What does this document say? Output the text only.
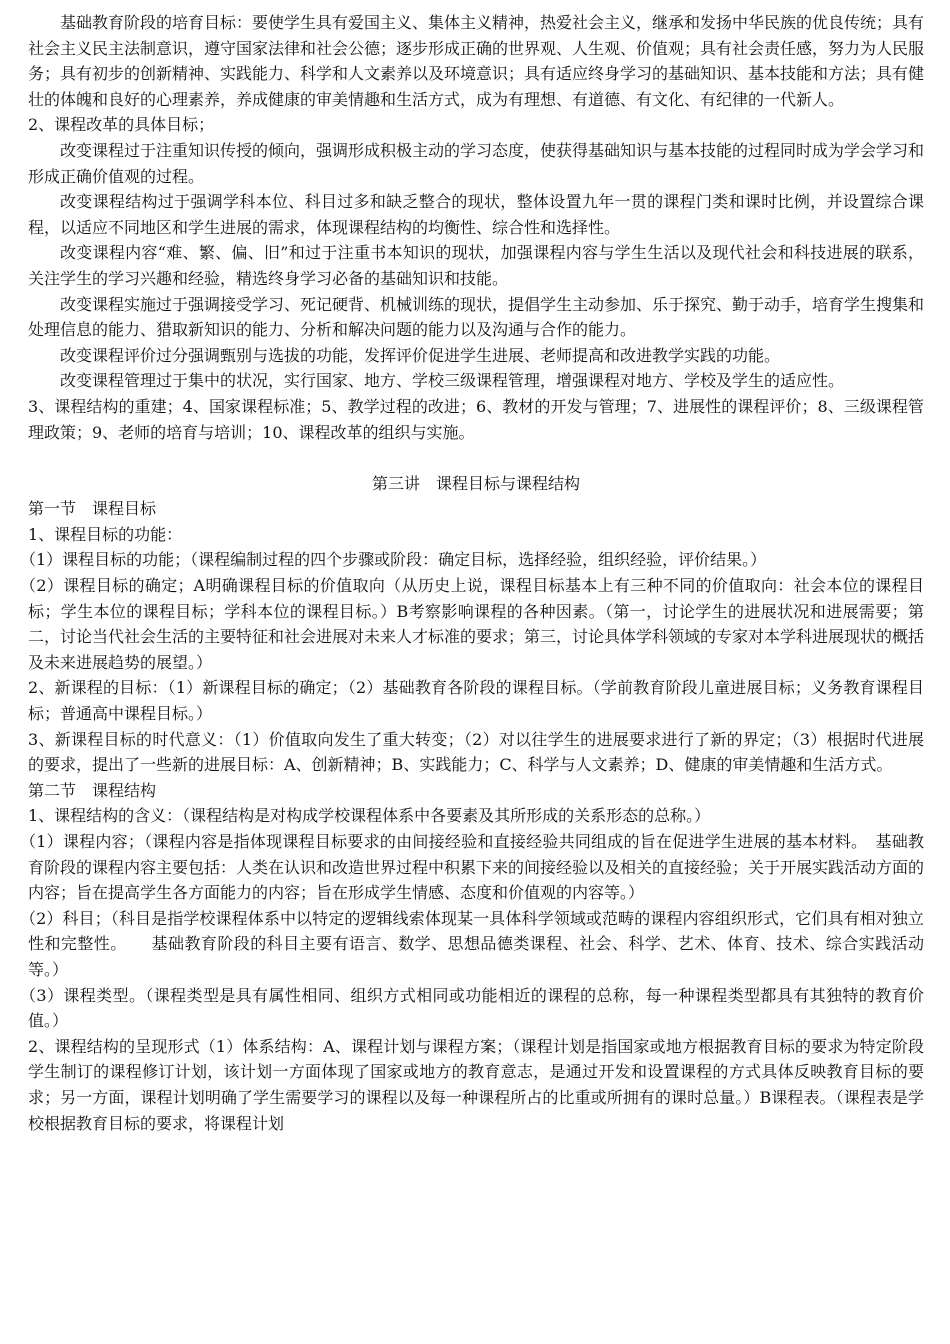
基础教育阶段的培育目标：要使学生具有爱国主义、集体主义精神，热爱社会主义，继承和发扬中华民族的优良传统；具有社会主义民主法制意识，遵守国家法律和社会公德；逐步形成正确的世界观、人生观、价值观；具有社会责任感，努力为人民服务；具有初步的创新精神、实践能力、科学和人文素养以及环境意识；具有适应终身学习的基础知识、基本技能和方法；具有健壮的体魄和良好的心理素养，养成健康的审美情趣和生活方式，成为有理想、有道德、有文化、有纪律的一代新人。

2、课程改革的具体目标；

改变课程过于注重知识传授的倾向，强调形成积极主动的学习态度，使获得基础知识与基本技能的过程同时成为学会学习和形成正确价值观的过程。

改变课程结构过于强调学科本位、科目过多和缺乏整合的现状，整体设置九年一贯的课程门类和课时比例，并设置综合课程，以适应不同地区和学生进展的需求，体现课程结构的均衡性、综合性和选择性。

改变课程内容“难、繁、偏、旧”和过于注重书本知识的现状，加强课程内容与学生生活以及现代社会和科技进展的联系，关注学生的学习兴趣和经验，精选终身学习必备的基础知识和技能。

改变课程实施过于强调接受学习、死记硬背、机械训练的现状，提倡学生主动参加、乐于探究、勤于动手，培育学生搜集和处理信息的能力、猎取新知识的能力、分析和解决问题的能力以及沟通与合作的能力。

改变课程评价过分强调甄别与选拔的功能，发挥评价促进学生进展、老师提高和改进教学实践的功能。

改变课程管理过于集中的状况，实行国家、地方、学校三级课程管理，增强课程对地方、学校及学生的适应性。

3、课程结构的重建；4、国家课程标准；5、教学过程的改进；6、教材的开发与管理；7、进展性的课程评价；8、三级课程管理政策；9、老师的培育与培训；10、课程改革的组织与实施。

第三讲　课程目标与课程结构

第一节　课程目标

1、课程目标的功能：

（1）课程目标的功能；（课程编制过程的四个步骤或阶段：确定目标，选择经验，组织经验，评价结果。）

（2）课程目标的确定；A明确课程目标的价值取向（从历史上说，课程目标基本上有三种不同的价值取向：社会本位的课程目标；学生本位的课程目标；学科本位的课程目标。）B考察影响课程的各种因素。（第一，讨论学生的进展状况和进展需要；第二，讨论当代社会生活的主要特征和社会进展对未来人才标准的要求；第三，讨论具体学科领域的专家对本学科进展现状的概括及未来进展趋势的展望。）

2、新课程的目标：（1）新课程目标的确定；（2）基础教育各阶段的课程目标。（学前教育阶段儿童进展目标；义务教育课程目标；普通高中课程目标。）

3、新课程目标的时代意义：（1）价值取向发生了重大转变；（2）对以往学生的进展要求进行了新的界定；（3）根据时代进展的要求，提出了一些新的进展目标：A、创新精神；B、实践能力；C、科学与人文素养；D、健康的审美情趣和生活方式。

第二节　课程结构

1、课程结构的含义：（课程结构是对构成学校课程体系中各要素及其所形成的关系形态的总称。）

（1）课程内容；（课程内容是指体现课程目标要求的由间接经验和直接经验共同组成的旨在促进学生进展的基本材料。　基础教育阶段的课程内容主要包括：人类在认识和改造世界过程中积累下来的间接经验以及相关的直接经验；关于开展实践活动方面的内容；旨在提高学生各方面能力的内容；旨在形成学生情感、态度和价值观的内容等。）

（2）科目；（科目是指学校课程体系中以特定的逻辑线索体现某一具体科学领域或范畴的课程内容组织形式，它们具有相对独立性和完整性。　　基础教育阶段的科目主要有语言、数学、思想品德类课程、社会、科学、艺术、体育、技术、综合实践活动等。）

（3）课程类型。（课程类型是具有属性相同、组织方式相同或功能相近的课程的总称，每一种课程类型都具有其独特的教育价值。）

2、课程结构的呈现形式（1）体系结构：A、课程计划与课程方案；（课程计划是指国家或地方根据教育目标的要求为特定阶段学生制订的课程修订计划，该计划一方面体现了国家或地方的教育意志，是通过开发和设置课程的方式具体反映教育目标的要求；另一方面，课程计划明确了学生需要学习的课程以及每一种课程所占的比重或所拥有的课时总量。）B课程表。（课程表是学校根据教育目标的要求，将课程计划
